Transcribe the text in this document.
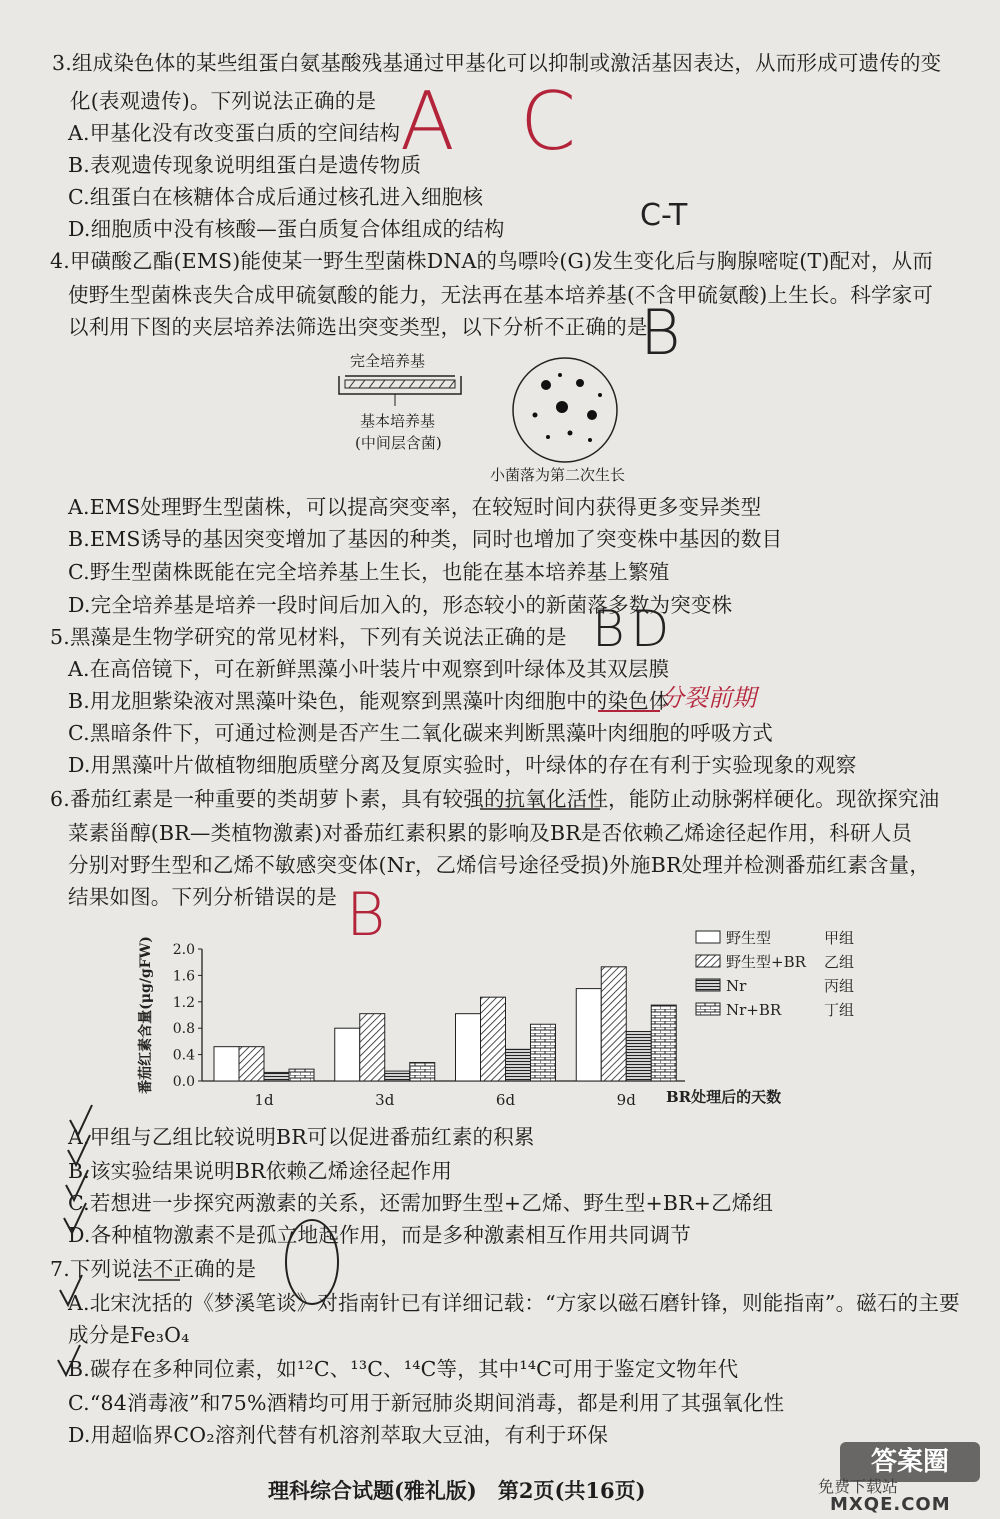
3.组成染色体的某些组蛋白氨基酸残基通过甲基化可以抑制或激活基因表达，从而形成可遗传的变
化(表观遗传)。下列说法正确的是
A.甲基化没有改变蛋白质的空间结构
B.表观遗传现象说明组蛋白是遗传物质
C.组蛋白在核糖体合成后通过核孔进入细胞核
D.细胞质中没有核酸—蛋白质复合体组成的结构
4.甲磺酸乙酯(EMS)能使某一野生型菌株DNA的鸟嘌呤(G)发生变化后与胸腺嘧啶(T)配对，从而
使野生型菌株丧失合成甲硫氨酸的能力，无法再在基本培养基(不含甲硫氨酸)上生长。科学家可
以利用下图的夹层培养法筛选出突变类型，以下分析不正确的是
完全培养基
基本培养基
(中间层含菌)
小菌落为第二次生长
A.EMS处理野生型菌株，可以提高突变率，在较短时间内获得更多变异类型
B.EMS诱导的基因突变增加了基因的种类，同时也增加了突变株中基因的数目
C.野生型菌株既能在完全培养基上生长，也能在基本培养基上繁殖
D.完全培养基是培养一段时间后加入的，形态较小的新菌落多数为突变株
5.黑藻是生物学研究的常见材料，下列有关说法正确的是
A.在高倍镜下，可在新鲜黑藻小叶装片中观察到叶绿体及其双层膜
B.用龙胆紫染液对黑藻叶染色，能观察到黑藻叶肉细胞中的染色体
C.黑暗条件下，可通过检测是否产生二氧化碳来判断黑藻叶肉细胞的呼吸方式
D.用黑藻叶片做植物细胞质壁分离及复原实验时，叶绿体的存在有利于实验现象的观察
6.番茄红素是一种重要的类胡萝卜素，具有较强的抗氧化活性，能防止动脉粥样硬化。现欲探究油
菜素甾醇(BR—类植物激素)对番茄红素积累的影响及BR是否依赖乙烯途径起作用，科研人员
分别对野生型和乙烯不敏感突变体(Nr，乙烯信号途径受损)外施BR处理并检测番茄红素含量，
结果如图。下列分析错误的是
番茄红素含量(μg/gFW) 0.0
0.4
0.8
1.2
1.6
2.0
1d	3d	6d	9d BR处理后的天数
野生型	甲组
野生型+BR 乙组
Nr	丙组
Nr+BR	丁组
A.甲组与乙组比较说明BR可以促进番茄红素的积累
B.该实验结果说明BR依赖乙烯途径起作用
C.若想进一步探究两激素的关系，还需加野生型+乙烯、野生型+BR+乙烯组
D.各种植物激素不是孤立地起作用，而是多种激素相互作用共同调节
7.下列说法不正确的是
A.北宋沈括的《梦溪笔谈》对指南针已有详细记载：“方家以磁石磨针锋，则能指南”。磁石的主要
成分是Fe₃O₄
B.碳存在多种同位素，如¹²C、¹³C、¹⁴C等，其中¹⁴C可用于鉴定文物年代
C.“84消毒液”和75%酒精均可用于新冠肺炎期间消毒，都是利用了其强氧化性
D.用超临界CO₂溶剂代替有机溶剂萃取大豆油，有利于环保
理科综合试题(雅礼版)　第2页(共16页)
答案圈
免费下载站
MXQE.COM
A C
C-T
B
BD
分裂前期
B
